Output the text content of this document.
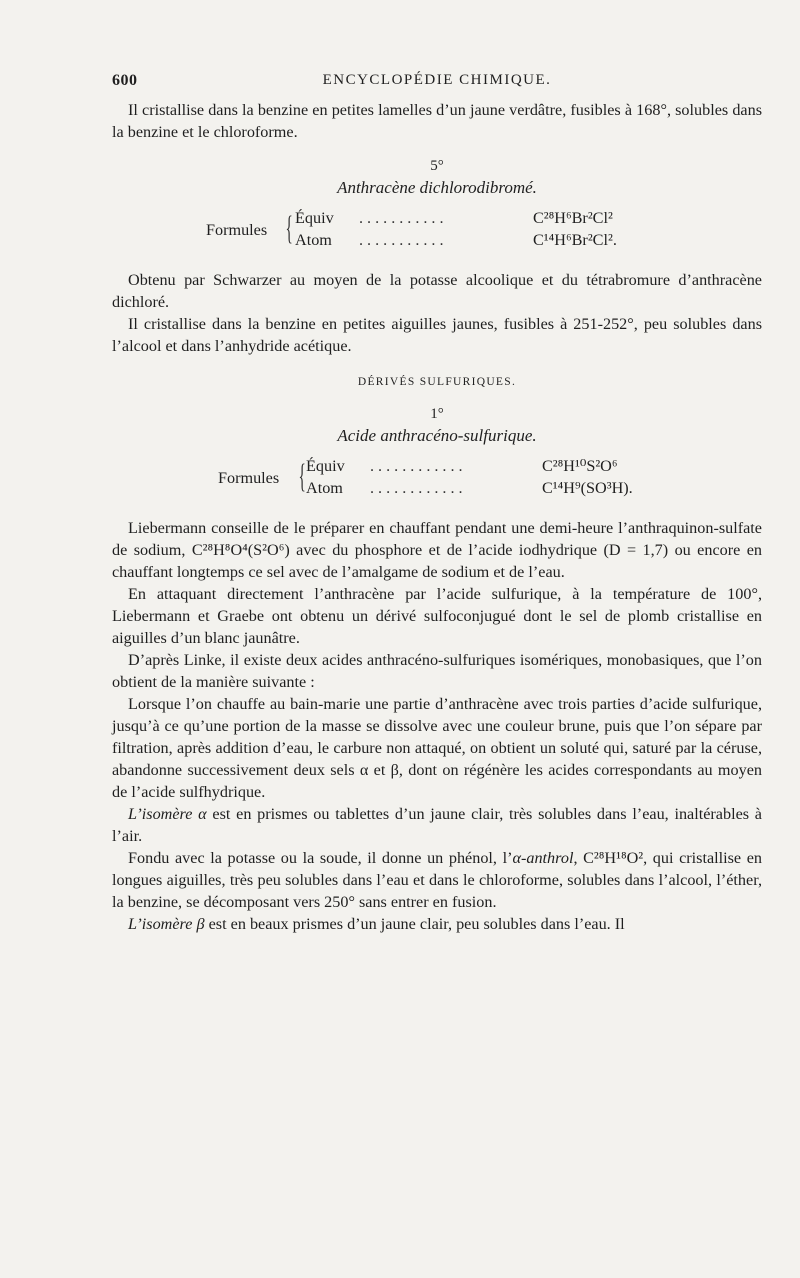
600	ENCYCLOPÉDIE CHIMIQUE.

Il cristallise dans la benzine en petites lamelles d’un jaune verdâtre, fusibles à 168°, solubles dans la benzine et le chloroforme.

5°
Anthracène dichlorodibromé.
Formules { Équiv ...........	C²⁸H⁶Br²Cl²
Atom ...........	C¹⁴H⁶Br²Cl².

Obtenu par Schwarzer au moyen de la potasse alcoolique et du tétrabromure d’anthracène dichloré.

Il cristallise dans la benzine en petites aiguilles jaunes, fusibles à 251-252°, peu solubles dans l’alcool et dans l’anhydride acétique.

DÉRIVÉS SULFURIQUES.
1°
Acide anthracéno-sulfurique.
Formules { Équiv ............	C²⁸H¹⁰S²O⁶
Atom ............	C¹⁴H⁹(SO³H).

Liebermann conseille de le préparer en chauffant pendant une demi-heure l’anthraquinon-sulfate de sodium, C²⁸H⁸O⁴(S²O⁶) avec du phosphore et de l’acide iodhydrique (D = 1,7) ou encore en chauffant longtemps ce sel avec de l’amalgame de sodium et de l’eau.

En attaquant directement l’anthracène par l’acide sulfurique, à la température de 100°, Liebermann et Graebe ont obtenu un dérivé sulfoconjugué dont le sel de plomb cristallise en aiguilles d’un blanc jaunâtre.

D’après Linke, il existe deux acides anthracéno-sulfuriques isomériques, monobasiques, que l’on obtient de la manière suivante :

Lorsque l’on chauffe au bain-marie une partie d’anthracène avec trois parties d’acide sulfurique, jusqu’à ce qu’une portion de la masse se dissolve avec une couleur brune, puis que l’on sépare par filtration, après addition d’eau, le carbure non attaqué, on obtient un soluté qui, saturé par la céruse, abandonne successivement deux sels α et β, dont on régénère les acides correspondants au moyen de l’acide sulfhydrique.

L’isomère α est en prismes ou tablettes d’un jaune clair, très solubles dans l’eau, inaltérables à l’air.

Fondu avec la potasse ou la soude, il donne un phénol, l’α-anthrol, C²⁸H¹⁸O², qui cristallise en longues aiguilles, très peu solubles dans l’eau et dans le chloroforme, solubles dans l’alcool, l’éther, la benzine, se décomposant vers 250° sans entrer en fusion.

L’isomère β est en beaux prismes d’un jaune clair, peu solubles dans l’eau. Il
